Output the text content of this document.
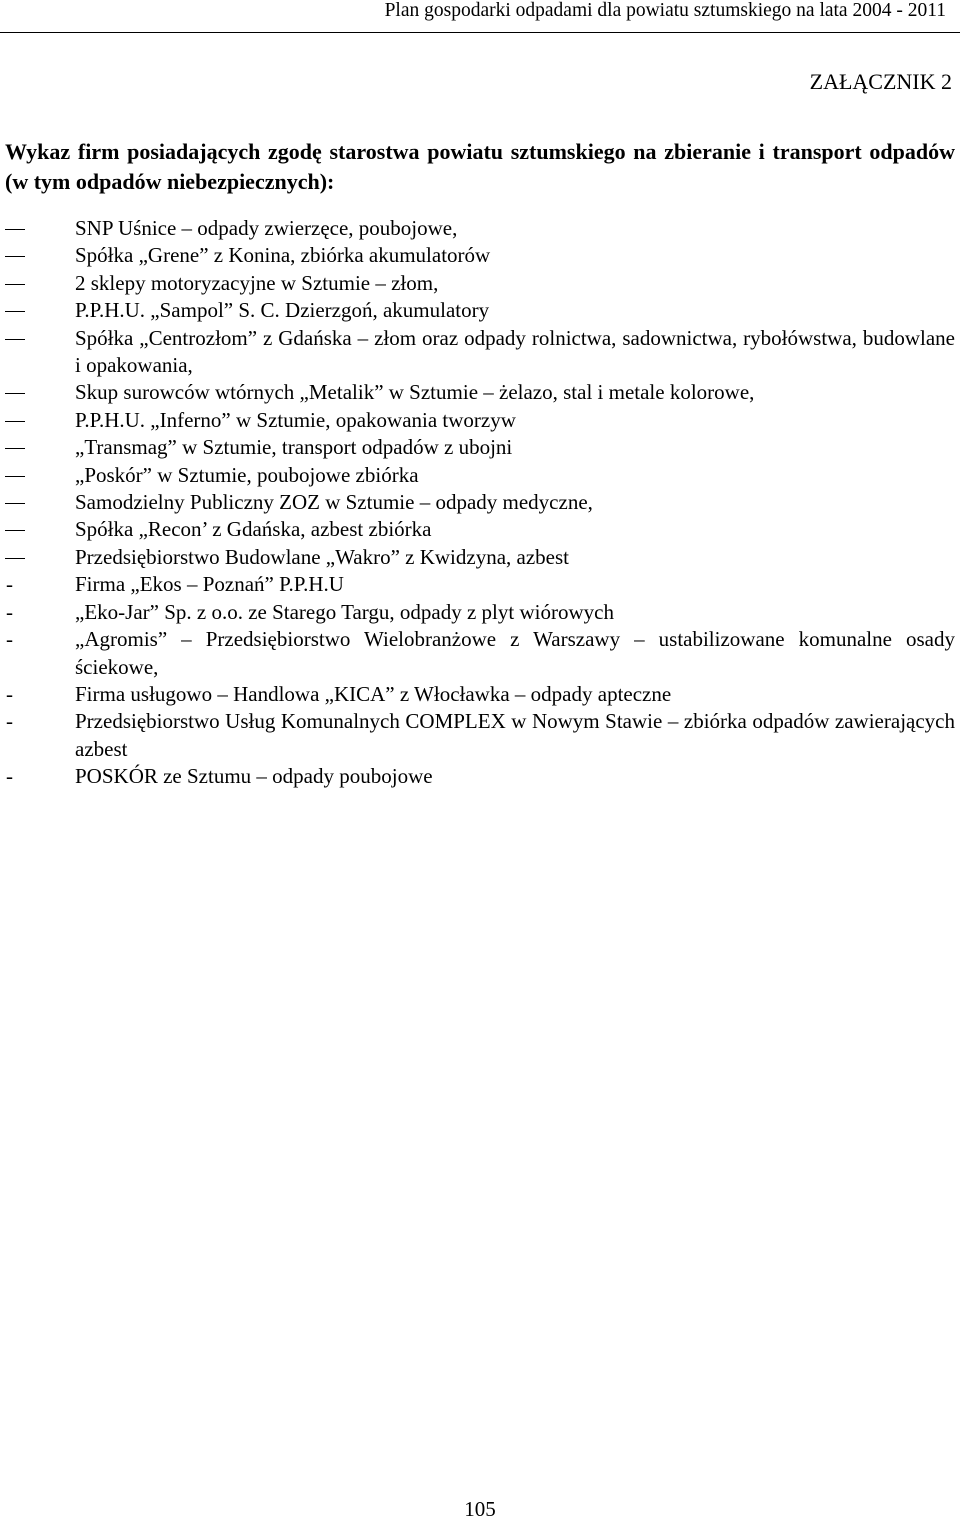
Plan gospodarki odpadami dla powiatu sztumskiego na lata 2004 - 2011
ZAŁĄCZNIK 2
Wykaz firm posiadających zgodę starostwa powiatu sztumskiego na zbieranie i transport odpadów (w tym odpadów niebezpiecznych):
SNP Uśnice – odpady zwierzęce, poubojowe,
Spółka „Grene” z Konina, zbiórka akumulatorów
2 sklepy motoryzacyjne w Sztumie – złom,
P.P.H.U. „Sampol” S. C. Dzierzgoń, akumulatory
Spółka „Centrozłom” z Gdańska – złom oraz odpady rolnictwa, sadownictwa, rybołówstwa, budowlane i opakowania,
Skup surowców wtórnych „Metalik” w Sztumie – żelazo, stal i metale kolorowe,
P.P.H.U. „Inferno” w Sztumie, opakowania tworzyw
„Transmag” w Sztumie, transport odpadów z ubojni
„Poskór” w Sztumie, poubojowe zbiórka
Samodzielny Publiczny ZOZ w Sztumie – odpady medyczne,
Spółka „Recon’ z Gdańska, azbest zbiórka
Przedsiębiorstwo Budowlane „Wakro” z Kwidzyna, azbest
-	Firma „Ekos – Poznań” P.P.H.U
-	„Eko-Jar” Sp. z o.o. ze Starego Targu, odpady z plyt wiórowych
-	„Agromis” – Przedsiębiorstwo Wielobranżowe z Warszawy – ustabilizowane komunalne osady ściekowe,
-	Firma usługowo – Handlowa „KICA” z Włocławka – odpady apteczne
-	Przedsiębiorstwo Usług Komunalnych COMPLEX w Nowym Stawie – zbiórka odpadów zawierających azbest
-	POSKÓR ze Sztumu – odpady poubojowe
105
